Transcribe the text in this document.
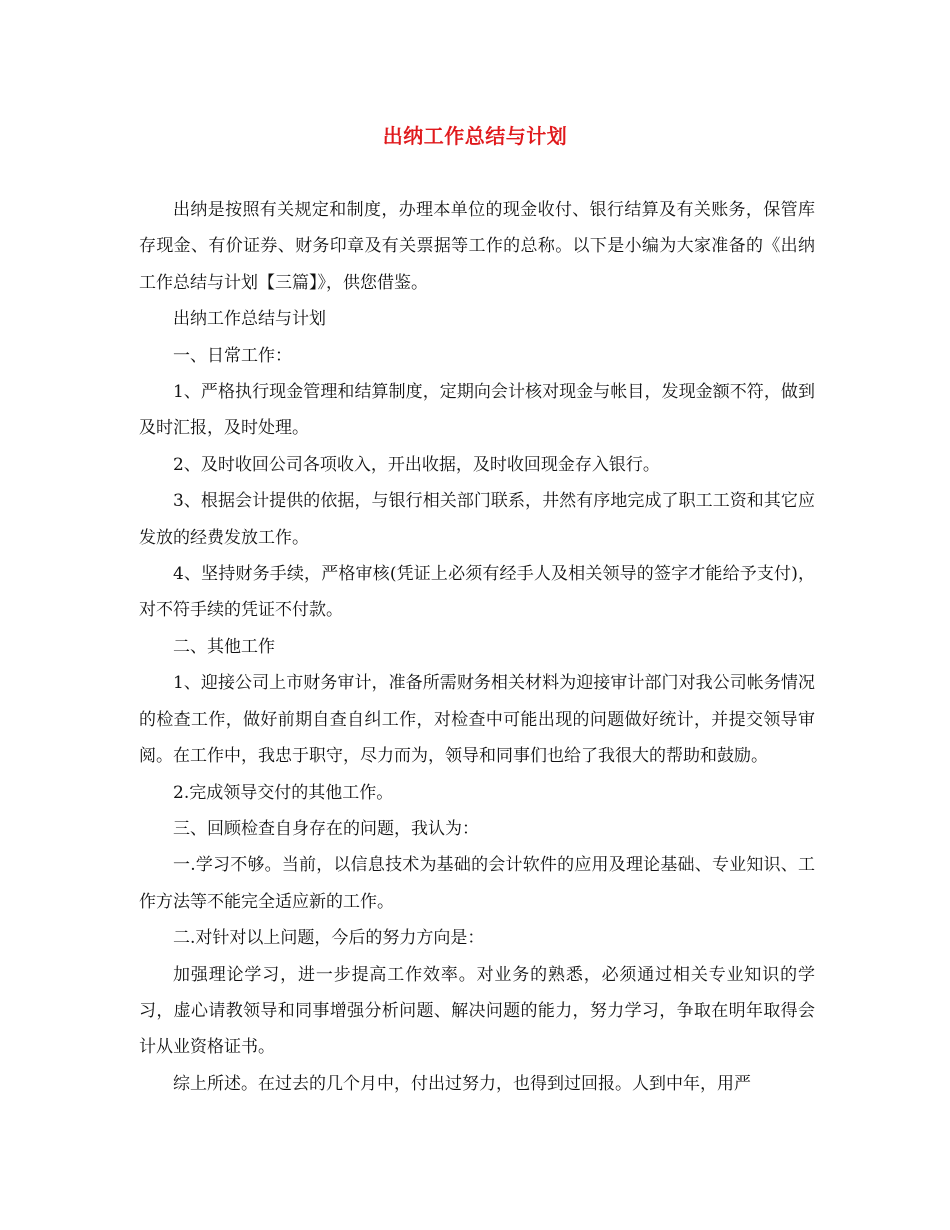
出纳工作总结与计划

出纳是按照有关规定和制度，办理本单位的现金收付、银行结算及有关账务，保管库存现金、有价证券、财务印章及有关票据等工作的总称。以下是小编为大家准备的《出纳工作总结与计划【三篇】》，供您借鉴。

出纳工作总结与计划

一、日常工作：

1、严格执行现金管理和结算制度，定期向会计核对现金与帐目，发现金额不符，做到及时汇报，及时处理。

2、及时收回公司各项收入，开出收据，及时收回现金存入银行。

3、根据会计提供的依据，与银行相关部门联系，井然有序地完成了职工工资和其它应发放的经费发放工作。

4、坚持财务手续，严格审核(凭证上必须有经手人及相关领导的签字才能给予支付)，对不符手续的凭证不付款。

二、其他工作

1、迎接公司上市财务审计，准备所需财务相关材料为迎接审计部门对我公司帐务情况的检查工作，做好前期自查自纠工作，对检查中可能出现的问题做好统计，并提交领导审阅。在工作中，我忠于职守，尽力而为，领导和同事们也给了我很大的帮助和鼓励。

2.完成领导交付的其他工作。

三、回顾检查自身存在的问题，我认为：

一.学习不够。当前，以信息技术为基础的会计软件的应用及理论基础、专业知识、工作方法等不能完全适应新的工作。

二.对针对以上问题，今后的努力方向是：

加强理论学习，进一步提高工作效率。对业务的熟悉，必须通过相关专业知识的学习，虚心请教领导和同事增强分析问题、解决问题的能力，努力学习，争取在明年取得会计从业资格证书。

综上所述。在过去的几个月中，付出过努力，也得到过回报。人到中年，用严
